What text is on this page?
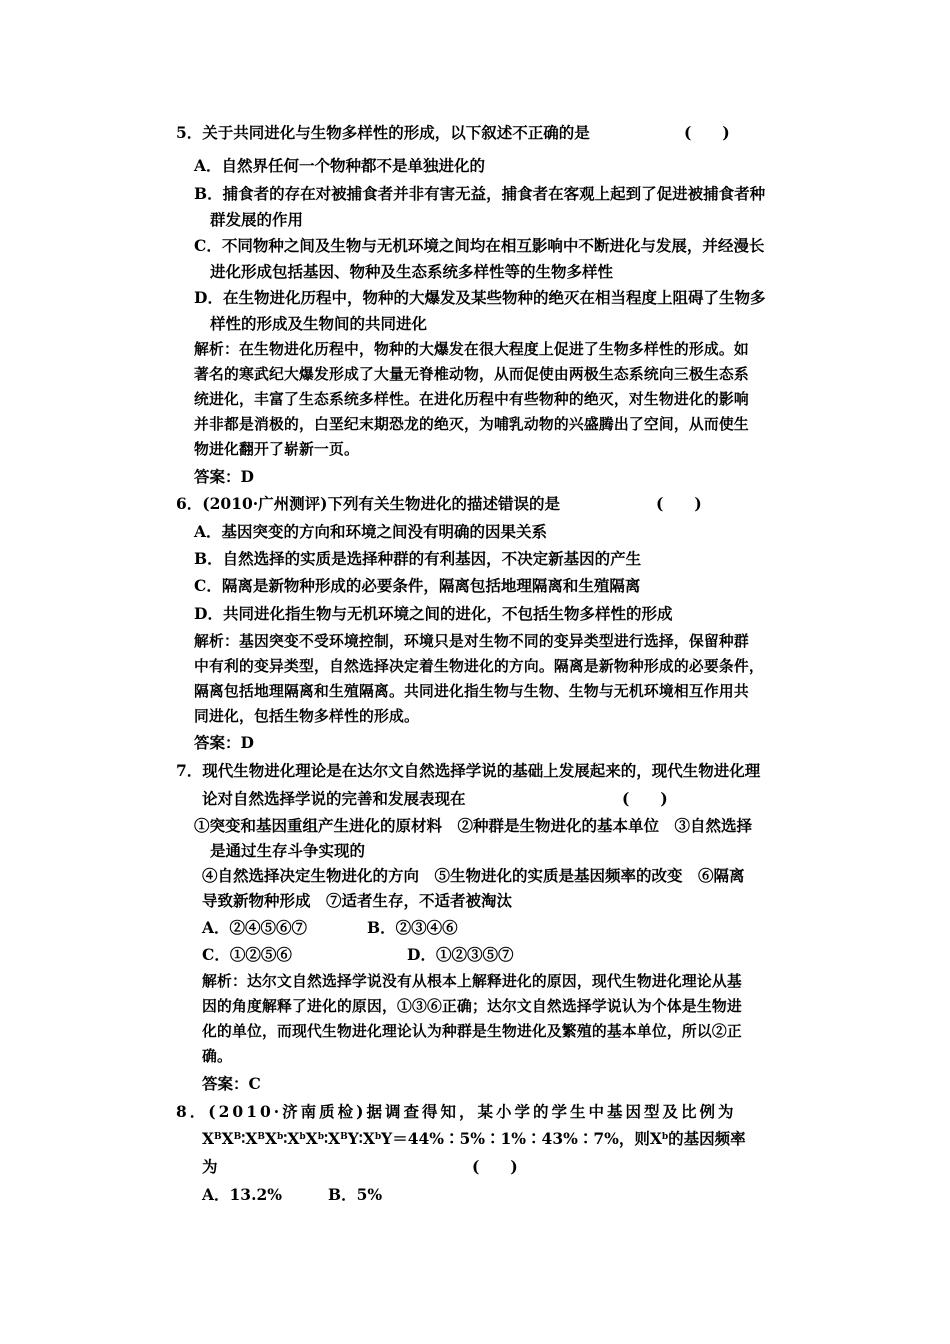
5．关于共同进化与生物多样性的形成，以下叙述不正确的是	(　　)
A．自然界任何一个物种都不是单独进化的
B．捕食者的存在对被捕食者并非有害无益，捕食者在客观上起到了促进被捕食者种
群发展的作用
C．不同物种之间及生物与无机环境之间均在相互影响中不断进化与发展，并经漫长
进化形成包括基因、物种及生态系统多样性等的生物多样性
D．在生物进化历程中，物种的大爆发及某些物种的绝灭在相当程度上阻碍了生物多
样性的形成及生物间的共同进化
解析：在生物进化历程中，物种的大爆发在很大程度上促进了生物多样性的形成。如
著名的寒武纪大爆发形成了大量无脊椎动物，从而促使由两极生态系统向三极生态系
统进化，丰富了生态系统多样性。在进化历程中有些物种的绝灭，对生物进化的影响
并非都是消极的，白垩纪末期恐龙的绝灭，为哺乳动物的兴盛腾出了空间，从而使生
物进化翻开了崭新一页。
答案：D
6．(2010·广州测评)下列有关生物进化的描述错误的是	(　　)
A．基因突变的方向和环境之间没有明确的因果关系
B．自然选择的实质是选择种群的有利基因，不决定新基因的产生
C．隔离是新物种形成的必要条件，隔离包括地理隔离和生殖隔离
D．共同进化指生物与无机环境之间的进化，不包括生物多样性的形成
解析：基因突变不受环境控制，环境只是对生物不同的变异类型进行选择，保留种群
中有利的变异类型，自然选择决定着生物进化的方向。隔离是新物种形成的必要条件，
隔离包括地理隔离和生殖隔离。共同进化指生物与生物、生物与无机环境相互作用共
同进化，包括生物多样性的形成。
答案：D
7．现代生物进化理论是在达尔文自然选择学说的基础上发展起来的，现代生物进化理
论对自然选择学说的完善和发展表现在	(　　)
①突变和基因重组产生进化的原材料　②种群是生物进化的基本单位　③自然选择
是通过生存斗争实现的
④自然选择决定生物进化的方向　⑤生物进化的实质是基因频率的改变　⑥隔离
导致新物种形成　⑦适者生存，不适者被淘汰
A．②④⑤⑥⑦	B．②③④⑥
C．①②⑤⑥	D．①②③⑤⑦
解析：达尔文自然选择学说没有从根本上解释进化的原因，现代生物进化理论从基
因的角度解释了进化的原因，①③⑥正确；达尔文自然选择学说认为个体是生物进
化的单位，而现代生物进化理论认为种群是生物进化及繁殖的基本单位，所以②正
确。
答案：C
8．(2010·济南质检)据调查得知，某小学的学生中基因型及比例为
$X^BX^B∶X^BX^b∶X^bX^b∶X^BY∶X^bY=44\%∶5\%∶1\%∶43\%∶7\%$，则$X^b$的基因频率
为	(　　)
A．13.2%	B．5%
